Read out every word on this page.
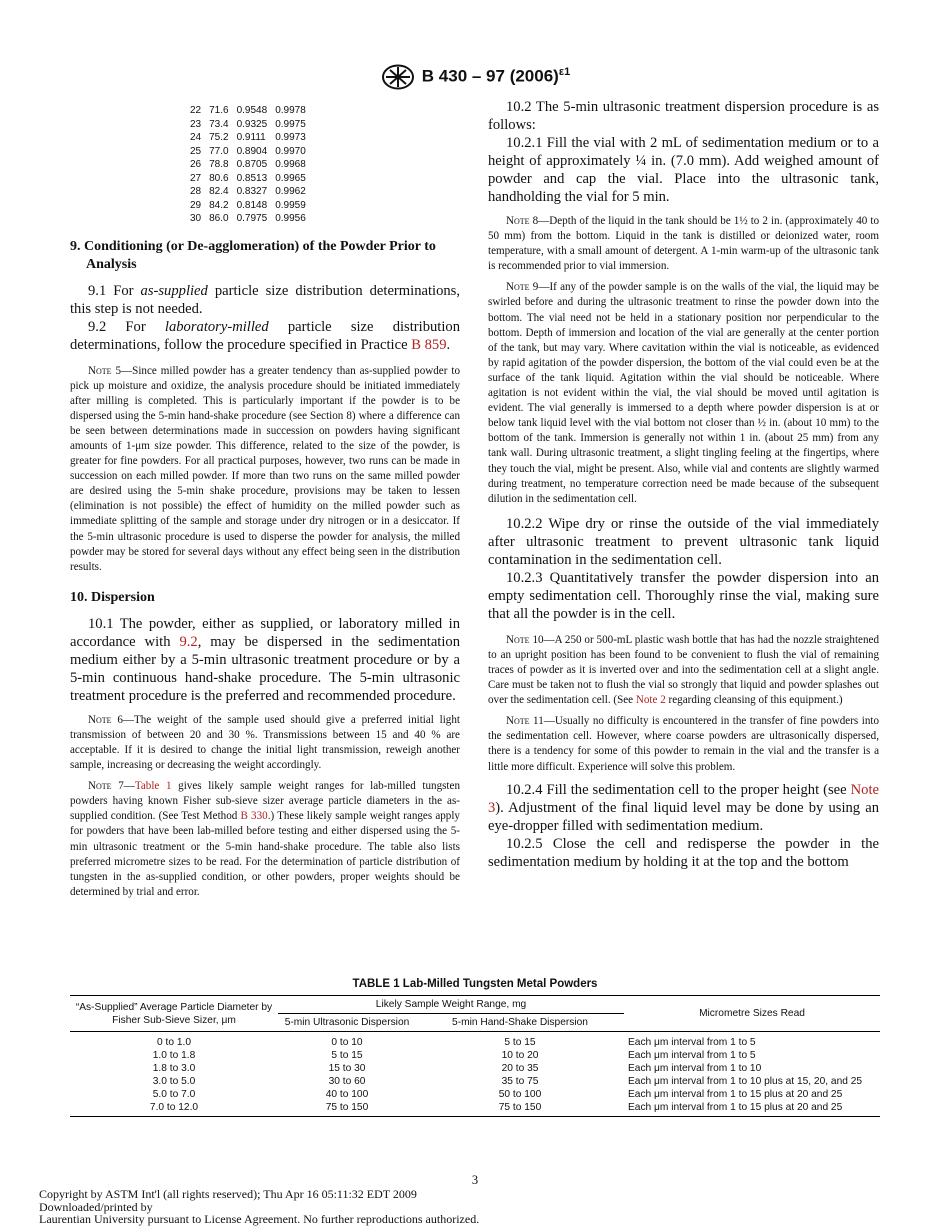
B 430 – 97 $(2006)^{\varepsilon 1}$
22	71.6	0.9548	0.9978
23	73.4	0.9325	0.9975
24	75.2	0.9111	0.9973
25	77.0	0.8904	0.9970
26	78.8	0.8705	0.9968
27	80.6	0.8513	0.9965
28	82.4	0.8327	0.9962
29	84.2	0.8148	0.9959
30	86.0	0.7975	0.9956
9. Conditioning (or De-agglomeration) of the Powder Prior to Analysis

9.1 For as-supplied particle size distribution determinations, this step is not needed.

9.2 For laboratory-milled particle size distribution determinations, follow the procedure specified in Practice B 859.

Note 5—Since milled powder has a greater tendency than as-supplied powder to pick up moisture and oxidize, the analysis procedure should be initiated immediately after milling is completed. This is particularly important if the powder is to be dispersed using the 5-min hand-shake procedure (see Section 8) where a difference can be seen between determinations made in succession on powders having significant amounts of 1-μm size powder. This difference, related to the size of the powder, is greater for fine powders. For all practical purposes, however, two runs can be made in succession on each milled powder. If more than two runs on the same milled powder are desired using the 5-min shake procedure, provisions may be taken to lessen (elimination is not possible) the effect of humidity on the milled powder such as immediate splitting of the sample and storage under dry nitrogen or in a desiccator. If the 5-min ultrasonic procedure is used to disperse the powder for analysis, the milled powder may be stored for several days without any effect being seen in the distribution results.

10. Dispersion

10.1 The powder, either as supplied, or laboratory milled in accordance with 9.2, may be dispersed in the sedimentation medium either by a 5-min ultrasonic treatment procedure or by a 5-min continuous hand-shake procedure. The 5-min ultrasonic treatment procedure is the preferred and recommended procedure.

Note 6—The weight of the sample used should give a preferred initial light transmission of between 20 and 30 %. Transmissions between 15 and 40 % are acceptable. If it is desired to change the initial light transmission, reweigh another sample, increasing or decreasing the weight accordingly.

Note 7—Table 1 gives likely sample weight ranges for lab-milled tungsten powders having known Fisher sub-sieve sizer average particle diameters in the as-supplied condition. (See Test Method B 330.) These likely sample weight ranges apply for powders that have been lab-milled before testing and either dispersed using the 5-min ultrasonic treatment or the 5-min hand-shake procedure. The table also lists preferred micrometre sizes to be read. For the determination of particle distribution of tungsten in the as-supplied condition, or other powders, proper weights should be determined by trial and error.

10.2 The 5-min ultrasonic treatment dispersion procedure is as follows:

10.2.1 Fill the vial with 2 mL of sedimentation medium or to a height of approximately ¼ in. (7.0 mm). Add weighed amount of powder and cap the vial. Place into the ultrasonic tank, handholding the vial for 5 min.

Note 8—Depth of the liquid in the tank should be 1½ to 2 in. (approximately 40 to 50 mm) from the bottom. Liquid in the tank is distilled or deionized water, room temperature, with a small amount of detergent. A 1-min warm-up of the ultrasonic tank is recommended prior to vial immersion.

Note 9—If any of the powder sample is on the walls of the vial, the liquid may be swirled before and during the ultrasonic treatment to rinse the powder down into the bottom. The vial need not be held in a stationary position nor perpendicular to the bottom. Depth of immersion and location of the vial are generally at the center portion of the tank, but may vary. Where cavitation within the vial is noticeable, as evidenced by rapid agitation of the powder dispersion, the bottom of the vial could even be at the surface of the tank liquid. Agitation within the vial should be noticeable. Where agitation is not evident within the vial, the vial should be moved until agitation is evident. The vial generally is immersed to a depth where powder dispersion is at or below tank liquid level with the vial bottom not closer than ½ in. (about 10 mm) to the bottom of the tank. Immersion is generally not within 1 in. (about 25 mm) from any tank wall. During ultrasonic treatment, a slight tingling feeling at the fingertips, where they touch the vial, might be present. Also, while vial and contents are slightly warmed during treatment, no temperature correction need be made because of the subsequent dilution in the sedimentation cell.

10.2.2 Wipe dry or rinse the outside of the vial immediately after ultrasonic treatment to prevent ultrasonic tank liquid contamination in the sedimentation cell.

10.2.3 Quantitatively transfer the powder dispersion into an empty sedimentation cell. Thoroughly rinse the vial, making sure that all the powder is in the cell.

Note 10—A 250 or 500-mL plastic wash bottle that has had the nozzle straightened to an upright position has been found to be convenient to flush the vial of remaining traces of powder as it is inverted over and into the sedimentation cell at a slight angle. Care must be taken not to flush the vial so strongly that liquid and powder splashes out over the sedimentation cell. (See Note 2 regarding cleansing of this equipment.)

Note 11—Usually no difficulty is encountered in the transfer of fine powders into the sedimentation cell. However, where coarse powders are ultrasonically dispersed, there is a tendency for some of this powder to remain in the vial and the transfer is a little more difficult. Experience will solve this problem.

10.2.4 Fill the sedimentation cell to the proper height (see Note 3). Adjustment of the final liquid level may be done by using an eye-dropper filled with sedimentation medium.

10.2.5 Close the cell and redisperse the powder in the sedimentation medium by holding it at the top and the bottom

TABLE 1 Lab-Milled Tungsten Metal Powders
“As-Supplied” Average Particle Diameter by Fisher Sub-Sieve Sizer, μm	Likely Sample Weight Range, mg		Micrometre Sizes Read
	5-min Ultrasonic Dispersion	5-min Hand-Shake Dispersion	
0 to 1.0	0 to 10	5 to 15	Each μm interval from 1 to 5
1.0 to 1.8	5 to 15	10 to 20	Each μm interval from 1 to 5
1.8 to 3.0	15 to 30	20 to 35	Each μm interval from 1 to 10
3.0 to 5.0	30 to 60	35 to 75	Each μm interval from 1 to 10 plus at 15, 20, and 25
5.0 to 7.0	40 to 100	50 to 100	Each μm interval from 1 to 15 plus at 20 and 25
7.0 to 12.0	75 to 150	75 to 150	Each μm interval from 1 to 15 plus at 20 and 25
3
Copyright by ASTM Int'l (all rights reserved); Thu Apr 16 05:11:32 EDT 2009
Downloaded/printed by
Laurentian University pursuant to License Agreement. No further reproductions authorized.
